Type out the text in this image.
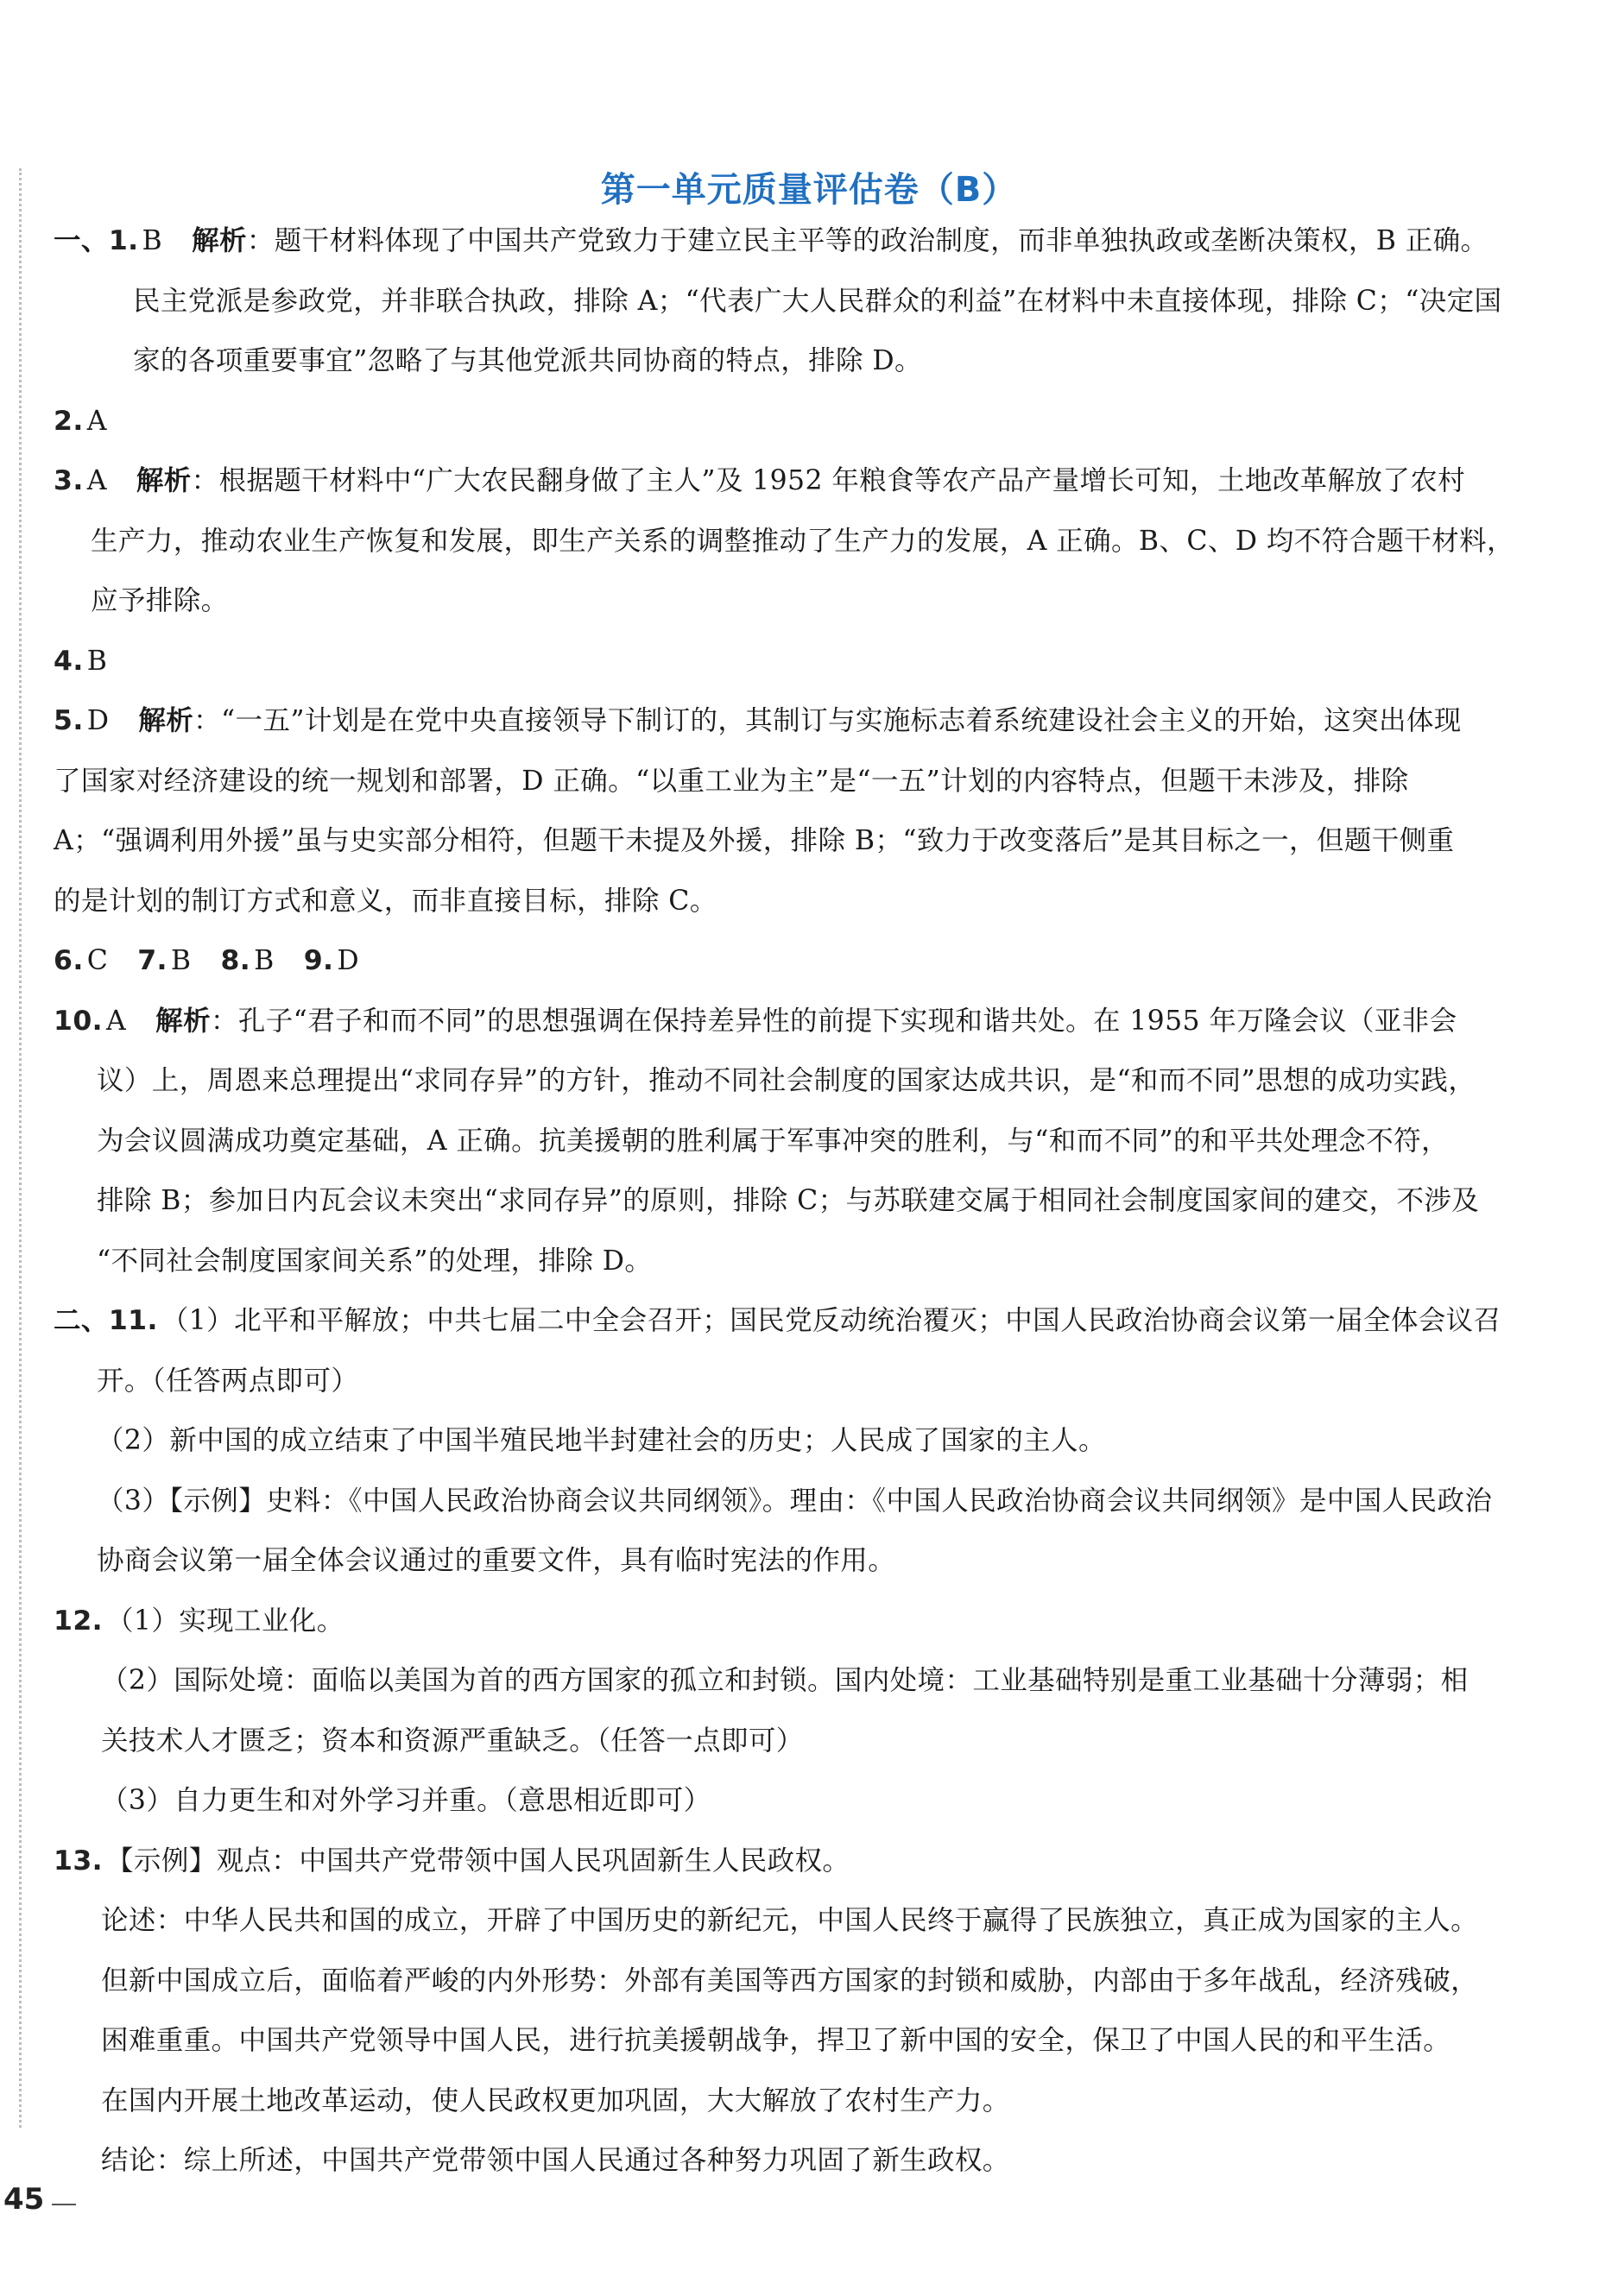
第一单元质量评估卷（B）
一、1. B 解析：题干材料体现了中国共产党致力于建立民主平等的政治制度，而非单独执政或垄断决策权，B 正确。
民主党派是参政党，并非联合执政，排除 A；“代表广大人民群众的利益”在材料中未直接体现，排除 C；“决定国
家的各项重要事宜”忽略了与其他党派共同协商的特点，排除 D。
2. A
3. A 解析：根据题干材料中“广大农民翻身做了主人”及 1952 年粮食等农产品产量增长可知，土地改革解放了农村
生产力，推动农业生产恢复和发展，即生产关系的调整推动了生产力的发展，A 正确。B、C、D 均不符合题干材料，
应予排除。
4. B
5. D 解析：“一五”计划是在党中央直接领导下制订的，其制订与实施标志着系统建设社会主义的开始，这突出体现
了国家对经济建设的统一规划和部署，D 正确。“以重工业为主”是“一五”计划的内容特点，但题干未涉及，排除
A；“强调利用外援”虽与史实部分相符，但题干未提及外援，排除 B；“致力于改变落后”是其目标之一，但题干侧重
的是计划的制订方式和意义，而非直接目标，排除 C。
6. C 7. B 8. B 9. D
10. A 解析：孔子“君子和而不同”的思想强调在保持差异性的前提下实现和谐共处。在 1955 年万隆会议（亚非会
议）上，周恩来总理提出“求同存异”的方针，推动不同社会制度的国家达成共识，是“和而不同”思想的成功实践，
为会议圆满成功奠定基础，A 正确。抗美援朝的胜利属于军事冲突的胜利，与“和而不同”的和平共处理念不符，
排除 B；参加日内瓦会议未突出“求同存异”的原则，排除 C；与苏联建交属于相同社会制度国家间的建交，不涉及
“不同社会制度国家间关系”的处理，排除 D。
二、11. （1）北平和平解放；中共七届二中全会召开；国民党反动统治覆灭；中国人民政治协商会议第一届全体会议召
开。（任答两点即可）
（2）新中国的成立结束了中国半殖民地半封建社会的历史；人民成了国家的主人。
（3）【示例】史料：《中国人民政治协商会议共同纲领》。理由：《中国人民政治协商会议共同纲领》是中国人民政治
协商会议第一届全体会议通过的重要文件，具有临时宪法的作用。
12. （1）实现工业化。
（2）国际处境：面临以美国为首的西方国家的孤立和封锁。国内处境：工业基础特别是重工业基础十分薄弱；相
关技术人才匮乏；资本和资源严重缺乏。（任答一点即可）
（3）自力更生和对外学习并重。（意思相近即可）
13. 【示例】观点：中国共产党带领中国人民巩固新生人民政权。
论述：中华人民共和国的成立，开辟了中国历史的新纪元，中国人民终于赢得了民族独立，真正成为国家的主人。
但新中国成立后，面临着严峻的内外形势：外部有美国等西方国家的封锁和威胁，内部由于多年战乱，经济残破，
困难重重。中国共产党领导中国人民，进行抗美援朝战争，捍卫了新中国的安全，保卫了中国人民的和平生活。
在国内开展土地改革运动，使人民政权更加巩固，大大解放了农村生产力。
结论：综上所述，中国共产党带领中国人民通过各种努力巩固了新生政权。
45
